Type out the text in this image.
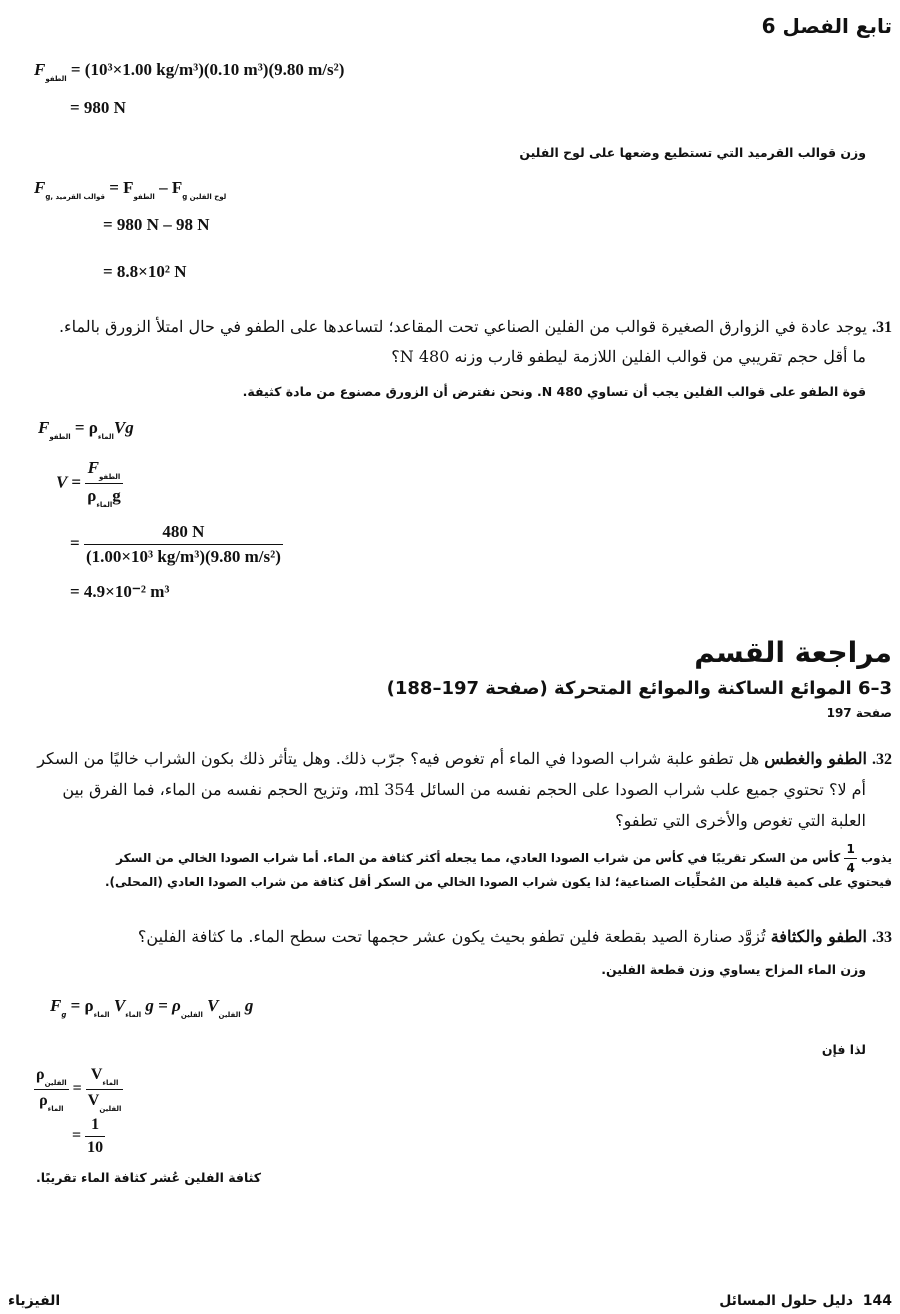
تابع الفصل 6
$F_{الطفو} = (1.00\times 10^3$ kg/m³)(0.10 m³)(9.80 m/s²)
= 980 N
وزن قوالب القرميد التي تستطيع وضعها على لوح الفلين
$F_{g, قوالب القرميد} = F_{الطفو} - F_{g لوح الفلين}$
= 980 N – 98 N
= 8.8×10² N
31. يوجد عادة في الزوارق الصغيرة قوالب من الفلين الصناعي تحت المقاعد؛ لتساعدها على الطفو في حال امتلأ الزورق بالماء.
ما أقل حجم تقريبي من قوالب الفلين اللازمة ليطفو قارب وزنه 480 N؟
قوة الطفو على قوالب الفلين يجب أن تساوي 480 N. ونحن نفترض أن الزورق مصنوع من مادة كثيفة.
$F_{الطفو} = \rho_{الماء}Vg$
$V = \frac{F_{الطفو}}{\rho_{الماء}g}$
= $\frac{480 N}{\text{(1.00×10³ kg/m³)(9.80 m/s²)}}$
= 4.9×10⁻² m³
مراجعة القسم
3–6 الموائع الساكنة والموائع المتحركة (صفحة 197–188)
صفحة 197
32. الطفو والغطس هل تطفو علبة شراب الصودا في الماء أم تغوص فيه؟ جرّب ذلك. وهل يتأثر ذلك بكون الشراب خاليًا من السكر
أم لا؟ تحتوي جميع علب شراب الصودا على الحجم نفسه من السائل 354 ml، وتزيح الحجم نفسه من الماء، فما الفرق بين
العلبة التي تغوص والأخرى التي تطفو؟
يذوب
$\frac{1}{4}$
كأس من السكر تقريبًا في كأس من شراب الصودا العادي، مما يجعله أكثر كثافة من الماء. أما شراب الصودا الخالي من السكر
فيحتوي على كمية قليلة من المُحلِّيات الصناعية؛ لذا يكون شراب الصودا الخالي من السكر أقل كثافة من شراب الصودا العادي (المحلى).
33. الطفو والكثافة تُزوَّد صنارة الصيد بقطعة فلين تطفو بحيث يكون عشر حجمها تحت سطح الماء. ما كثافة الفلين؟
وزن الماء المزاح يساوي وزن قطعة الفلين.
$F_g = \rho_{الماء}$ $V_{الماء}$ $g = \rho_{الفلين}$ $V_{الفلين}$ g
لذا فإن
$\frac{\rho_{الفلين}}{\rho_{الماء}} = \frac{V_{الماء}}{V_{الفلين}}$
= $\frac{1}{10}$
كثافة الفلين عُشر كثافة الماء تقريبًا.
144  دليل حلول المسائل
الفيزياء
